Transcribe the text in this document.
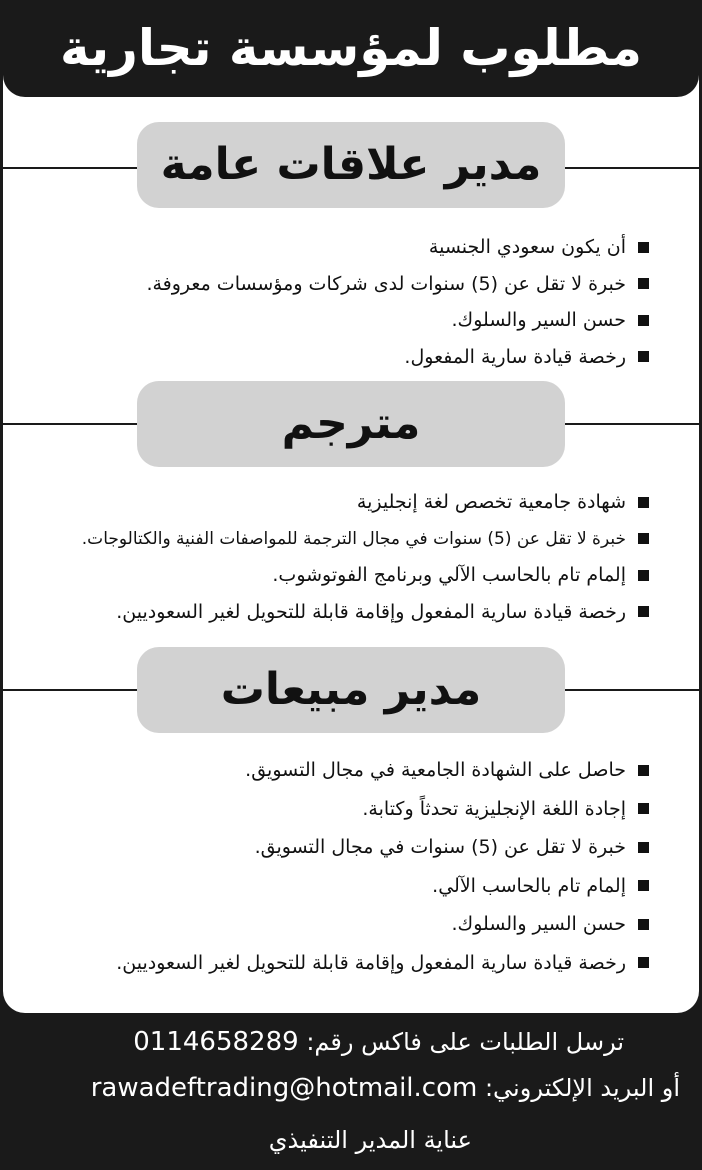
مدير علاقات عامة
أن يكون سعودي الجنسية
خبرة لا تقل عن (5) سنوات لدى شركات ومؤسسات معروفة.
حسن السير والسلوك.
رخصة قيادة سارية المفعول.
مترجم
شهادة جامعية تخصص لغة إنجليزية
خبرة لا تقل عن (5) سنوات في مجال الترجمة للمواصفات الفنية والكتالوجات.
إلمام تام بالحاسب الآلي وبرنامج الفوتوشوب.
رخصة قيادة سارية المفعول وإقامة قابلة للتحويل لغير السعوديين.
مدير مبيعات
حاصل على الشهادة الجامعية في مجال التسويق.
إجادة اللغة الإنجليزية تحدثاً وكتابة.
خبرة لا تقل عن (5) سنوات في مجال التسويق.
إلمام تام بالحاسب الآلي.
حسن السير والسلوك.
رخصة قيادة سارية المفعول وإقامة قابلة للتحويل لغير السعوديين.
مطلوب لمؤسسة تجارية
ترسل الطلبات على فاكس رقم: 0114658289
أو البريد الإلكتروني: rawadeftrading@hotmail.com
عناية المدير التنفيذي
